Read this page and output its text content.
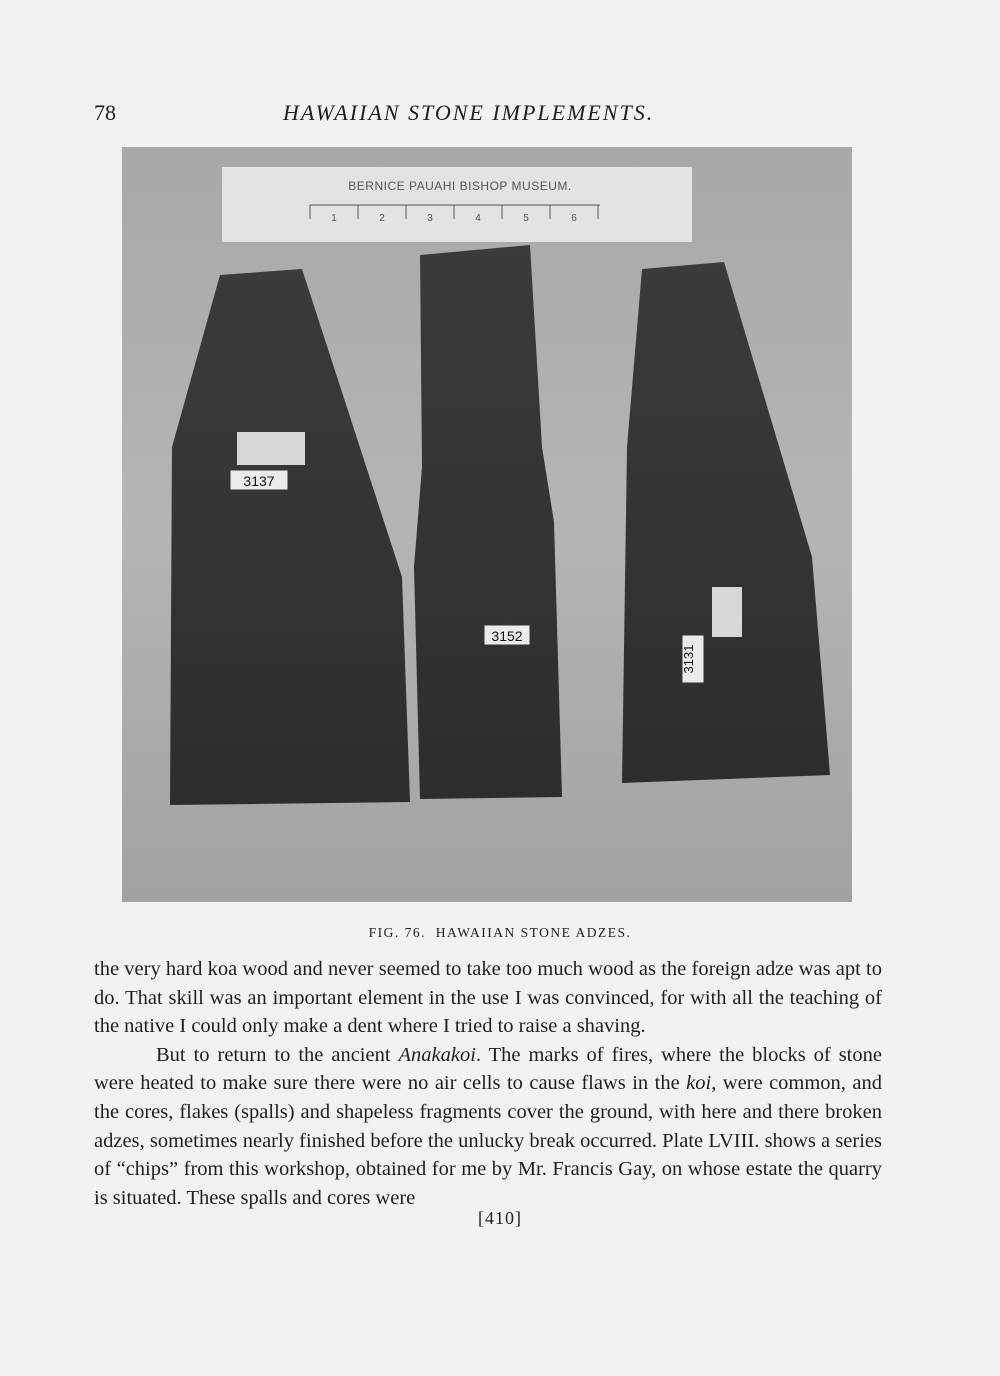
78	HAWAIIAN STONE IMPLEMENTS.
BERNICE PAUAHI BISHOP MUSEUM.
1	2	3	4	5	6
3137
3152
3131
FIG. 76. HAWAIIAN STONE ADZES.

the very hard koa wood and never seemed to take too much wood as the foreign adze was apt to do. That skill was an important element in the use I was convinced, for with all the teaching of the native I could only make a dent where I tried to raise a shaving.

But to return to the ancient Anakakoi. The marks of fires, where the blocks of stone were heated to make sure there were no air cells to cause flaws in the koi, were common, and the cores, flakes (spalls) and shapeless fragments cover the ground, with here and there broken adzes, sometimes nearly finished before the unlucky break occurred. Plate LVIII. shows a series of “chips” from this workshop, obtained for me by Mr. Francis Gay, on whose estate the quarry is situated. These spalls and cores were

[410]
